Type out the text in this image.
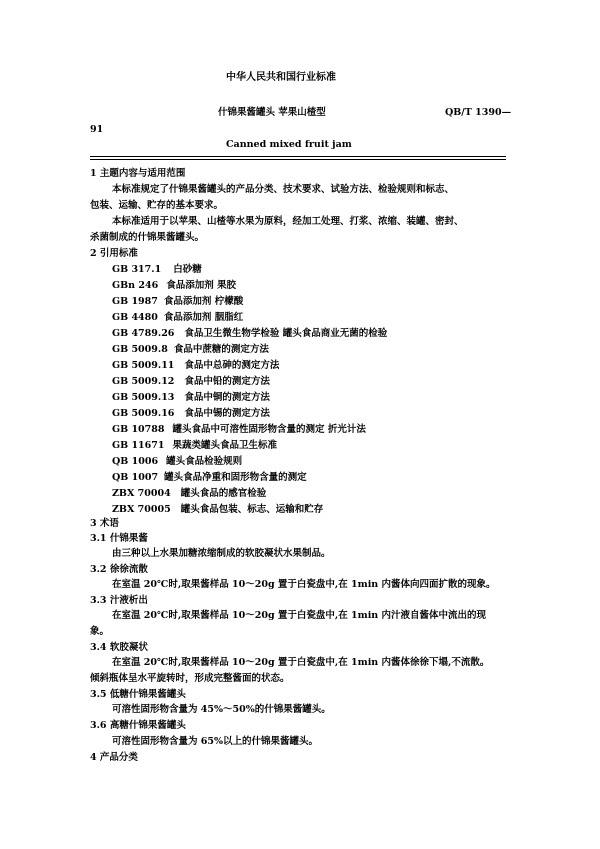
中华人民共和国行业标准
什锦果酱罐头 苹果山楂型	QB/T 1390—
91
Canned mixed fruit jam
1 主题内容与适用范围
本标准规定了什锦果酱罐头的产品分类、技术要求、试验方法、检验规则和标志、
包装、运输、贮存的基本要求。
本标准适用于以苹果、山楂等水果为原料，经加工处理、打浆、浓缩、装罐、密封、
杀菌制成的什锦果酱罐头。
2 引用标准
GB 317.1 白砂糖
GBn 246 食品添加剂 果胶
GB 1987 食品添加剂 柠檬酸
GB 4480 食品添加剂 胭脂红
GB 4789.26 食品卫生微生物学检验 罐头食品商业无菌的检验
GB 5009.8 食品中蔗糖的测定方法
GB 5009.11 食品中总砷的测定方法
GB 5009.12 食品中铅的测定方法
GB 5009.13 食品中铜的测定方法
GB 5009.16 食品中锡的测定方法
GB 10788 罐头食品中可溶性固形物含量的测定 折光计法
GB 11671 果蔬类罐头食品卫生标准
QB 1006 罐头食品检验规则
QB 1007 罐头食品净重和固形物含量的测定
ZBX 70004 罐头食品的感官检验
ZBX 70005 罐头食品包装、标志、运输和贮存
3 术语
3.1 什锦果酱
由三种以上水果加糖浓缩制成的软胶凝状水果制品。
3.2 徐徐流散
在室温 20℃时,取果酱样品 10～20g 置于白瓷盘中,在 1min 内酱体向四面扩散的现象。
3.3 汁液析出
在室温 20℃时,取果酱样品 10～20g 置于白瓷盘中,在 1min 内汁液自酱体中流出的现
象。
3.4 软胶凝状
在室温 20℃时,取果酱样品 10～20g 置于白瓷盘中,在 1min 内酱体徐徐下塌,不流散。
倾斜瓶体呈水平旋转时，形成完整酱面的状态。
3.5 低糖什锦果酱罐头
可溶性固形物含量为 45%～50%的什锦果酱罐头。
3.6 高糖什锦果酱罐头
可溶性固形物含量为 65%以上的什锦果酱罐头。
4 产品分类
